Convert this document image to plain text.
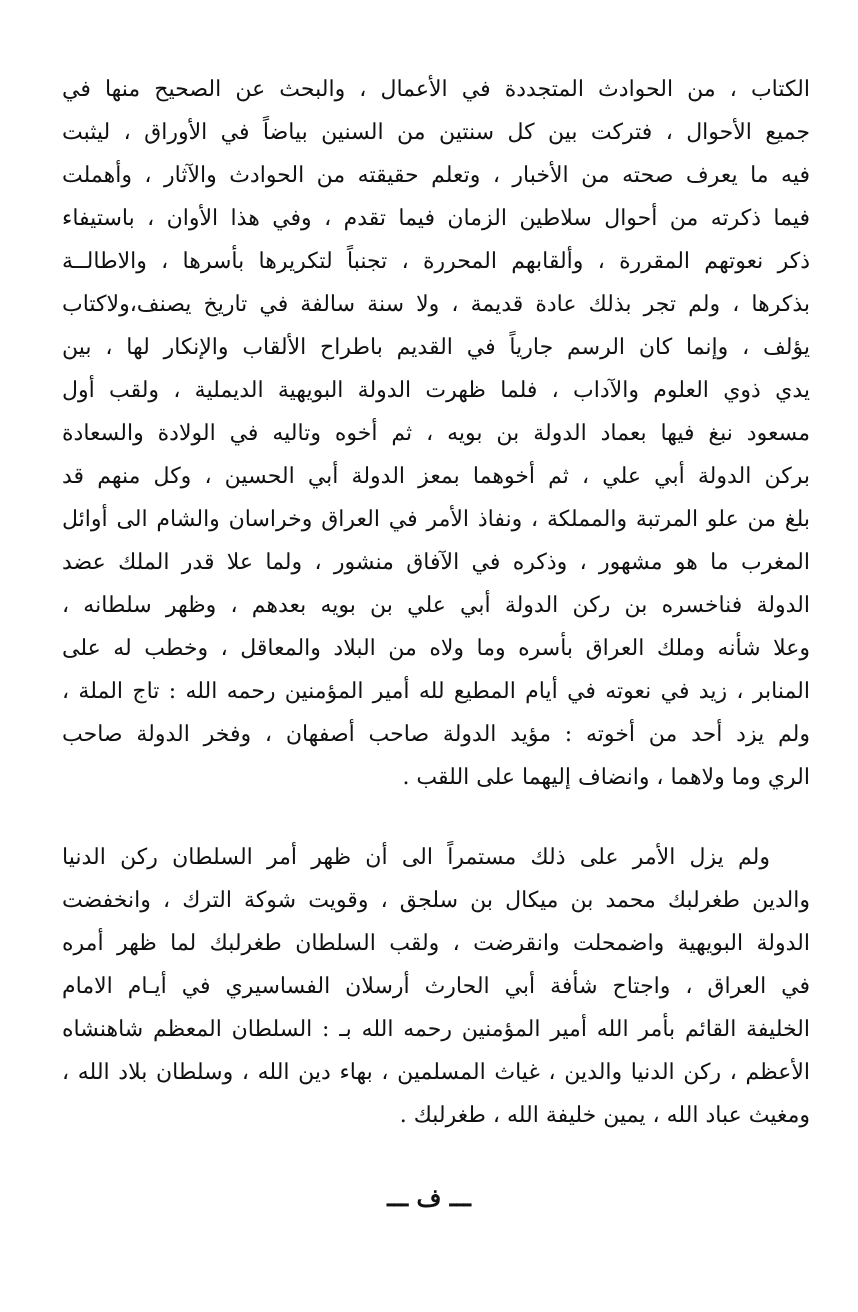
الكتاب ، من الحوادث المتجددة في الأعمال ، والبحث عن الصحيح منها في
جميع الأحوال ، فتركت بين كل سنتين من السنين بياضاً في الأوراق ، ليثبت
فيه ما يعرف صحته من الأخبار ، وتعلم حقيقته من الحوادث والآثار ، وأهملت
فيما ذكرته من أحوال سلاطين الزمان فيما تقدم ، وفي هذا الأوان ، باستيفاء
ذكر نعوتهم المقررة ، وألقابهم المحررة ، تجنباً لتكريرها بأسرها ، والاطالــة
بذكرها ، ولم تجر بذلك عادة قديمة ، ولا سنة سالفة في تاريخ يصنف،ولاكتاب
يؤلف ، وإنما كان الرسم جارياً في القديم باطراح الألقاب والإنكار لها ، بين
يدي ذوي العلوم والآداب ، فلما ظهرت الدولة البويهية الديملية ، ولقب أول
مسعود نبغ فيها بعماد الدولة بن بويه ، ثم أخوه وتاليه في الولادة والسعادة
بركن الدولة أبي علي ، ثم أخوهما بمعز الدولة أبي الحسين ، وكل منهم قد
بلغ من علو المرتبة والمملكة ، ونفاذ الأمر في العراق وخراسان والشام الى أوائل
المغرب ما هو مشهور ، وذكره في الآفاق منشور ، ولما علا قدر الملك عضد
الدولة فناخسره بن ركن الدولة أبي علي بن بويه بعدهم ، وظهر سلطانه ،
وعلا شأنه وملك العراق بأسره وما ولاه من البلاد والمعاقل ، وخطب له على
المنابر ، زيد في نعوته في أيام المطيع لله أمير المؤمنين رحمه الله : تاج الملة ،
ولم يزد أحد من أخوته : مؤيد الدولة صاحب أصفهان ، وفخر الدولة صاحب
الري وما ولاهما ، وانضاف إليهما على اللقب .
ولم يزل الأمر على ذلك مستمراً الى أن ظهر أمر السلطان ركن الدنيا
والدين طغرلبك محمد بن ميكال بن سلجق ، وقويت شوكة الترك ، وانخفضت
الدولة البويهية واضمحلت وانقرضت ، ولقب السلطان طغرلبك لما ظهر أمره
في العراق ، واجتاح شأفة أبي الحارث أرسلان الفساسيري في أيـام الامام
الخليفة القائم بأمر الله أمير المؤمنين رحمه الله بـ : السلطان المعظم شاهنشاه
الأعظم ، ركن الدنيا والدين ، غياث المسلمين ، بهاء دين الله ، وسلطان بلاد الله ،
ومغيث عباد الله ، يمين خليفة الله ، طغرلبك .
ـــ ف ـــ
